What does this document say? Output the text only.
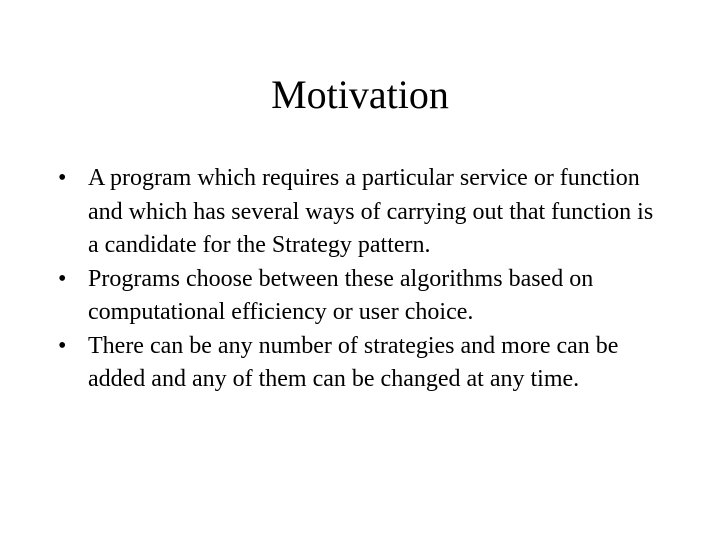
Motivation
• A program which requires a particular service or function and which has several ways of carrying out that function is a candidate for the Strategy pattern.
• Programs choose between these algorithms based on computational efficiency or user choice.
• There can be any number of strategies and more can be added and any of them can be changed at any time.
